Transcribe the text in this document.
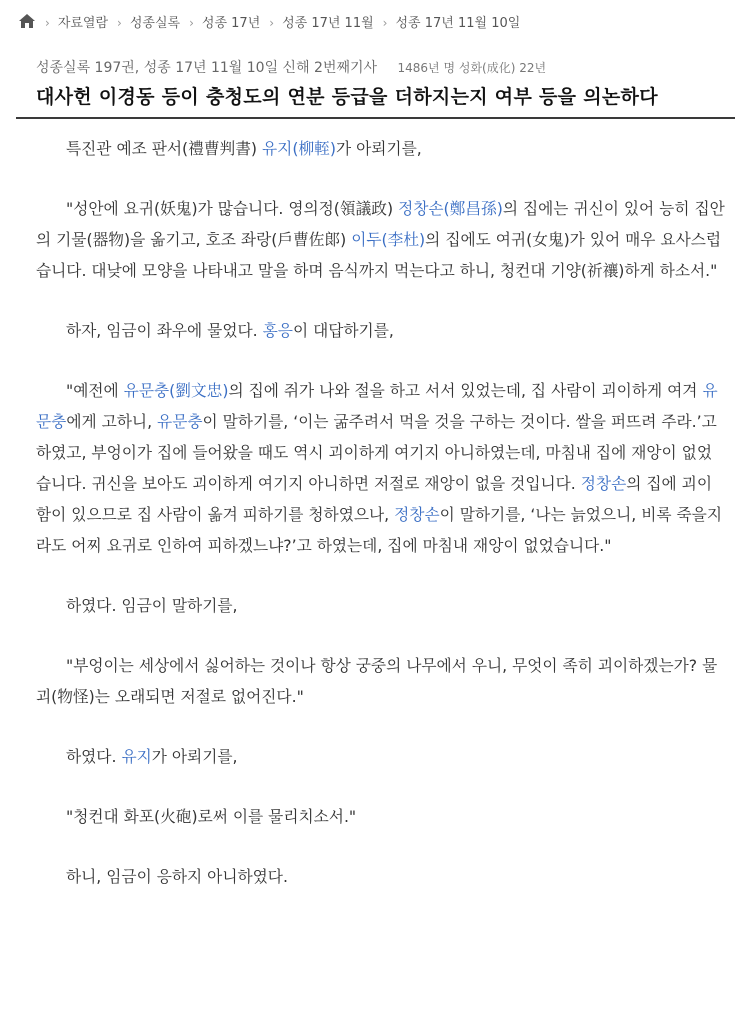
› 자료열람 › 성종실록 › 성종 17년 › 성종 17년 11월 › 성종 17년 11월 10일
성종실록 197권, 성종 17년 11월 10일 신해 2번째기사 1486년 명 성화(成化) 22년
대사헌 이경동 등이 충청도의 연분 등급을 더하지는지 여부 등을 의논하다

특진관 예조 판서(禮曹判書) 유지(柳輊)가 아뢰기를,

"성안에 요귀(妖鬼)가 많습니다. 영의정(領議政) 정창손(鄭昌孫)의 집에는 귀신이 있어 능히 집안의 기물(器物)을 옮기고, 호조 좌랑(戶曹佐郞) 이두(李杜)의 집에도 여귀(女鬼)가 있어 매우 요사스럽습니다. 대낮에 모양을 나타내고 말을 하며 음식까지 먹는다고 하니, 청컨대 기양(祈禳)하게 하소서."

하자, 임금이 좌우에 물었다. 홍응이 대답하기를,

"예전에 유문충(劉文忠)의 집에 쥐가 나와 절을 하고 서서 있었는데, 집 사람이 괴이하게 여겨 유문충에게 고하니, 유문충이 말하기를, ‘이는 굶주려서 먹을 것을 구하는 것이다. 쌀을 퍼뜨려 주라.’고 하였고, 부엉이가 집에 들어왔을 때도 역시 괴이하게 여기지 아니하였는데, 마침내 집에 재앙이 없었습니다. 귀신을 보아도 괴이하게 여기지 아니하면 저절로 재앙이 없을 것입니다. 정창손의 집에 괴이함이 있으므로 집 사람이 옮겨 피하기를 청하였으나, 정창손이 말하기를, ‘나는 늙었으니, 비록 죽을지라도 어찌 요귀로 인하여 피하겠느냐?’고 하였는데, 집에 마침내 재앙이 없었습니다."

하였다. 임금이 말하기를,

"부엉이는 세상에서 싫어하는 것이나 항상 궁중의 나무에서 우니, 무엇이 족히 괴이하겠는가? 물괴(物怪)는 오래되면 저절로 없어진다."

하였다. 유지가 아뢰기를,

"청컨대 화포(火砲)로써 이를 물리치소서."

하니, 임금이 응하지 아니하였다.
